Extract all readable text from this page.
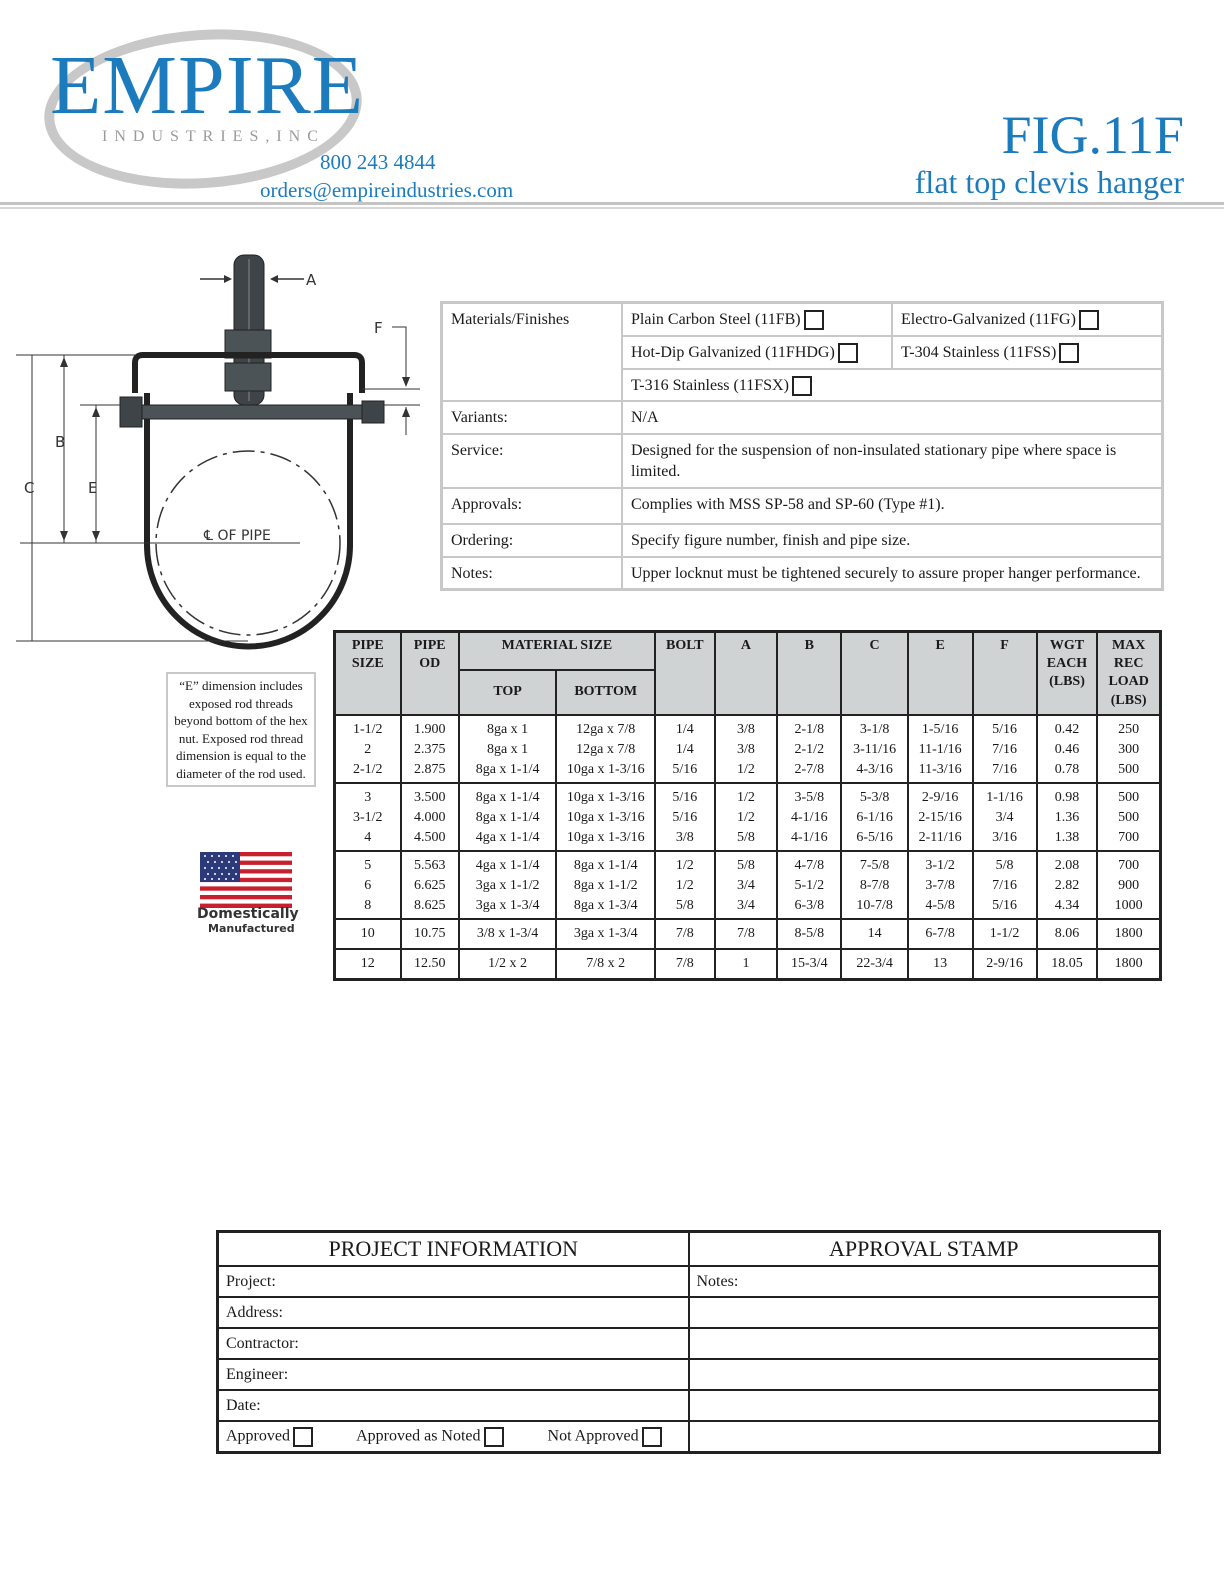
EMPIRE
INDUSTRIES,INC
800 243 4844
orders@empireindustries.com
FIG.11F
flat top clevis hanger
A
F
B
C	E
℄ OF PIPE
Materials/Finishes	Plain Carbon Steel (11FB)	Electro-Galvanized (11FG)
	Hot-Dip Galvanized (11FHDG)	T-304 Stainless (11FSS)
	T-316 Stainless (11FSX)	
Variants:	N/A	
Service:	Designed for the suspension of non-insulated stationary pipe where space is limited.	
Approvals:	Complies with MSS SP-58 and SP-60 (Type #1).	
Ordering:	Specify figure number, finish and pipe size.	
Notes:	Upper locknut must be tightened securely to assure proper hanger performance.	
“E” dimension includes exposed rod threads beyond bottom of the hex nut. Exposed rod thread dimension is equal to the diameter of the rod used.
Domestically
Manufactured
PIPE SIZE	PIPE OD	MATERIAL SIZE		BOLT	A	B	C	E	F	WGT EACH (LBS)	MAX REC LOAD (LBS)
		TOP	BOTTOM								
1-1/2	1.900	8ga x 1	12ga x 7/8	1/4	3/8	2-1/8	3-1/8	1-5/16	5/16	0.42	250
2	2.375	8ga x 1	12ga x 7/8	1/4	3/8	2-1/2	3-11/16	11-1/16	7/16	0.46	300
2-1/2	2.875	8ga x 1-1/4	10ga x 1-3/16	5/16	1/2	2-7/8	4-3/16	11-3/16	7/16	0.78	500
3	3.500	8ga x 1-1/4	10ga x 1-3/16	5/16	1/2	3-5/8	5-3/8	2-9/16	1-1/16	0.98	500
3-1/2	4.000	8ga x 1-1/4	10ga x 1-3/16	5/16	1/2	4-1/16	6-1/16	2-15/16	3/4	1.36	500
4	4.500	4ga x 1-1/4	10ga x 1-3/16	3/8	5/8	4-1/16	6-5/16	2-11/16	3/16	1.38	700
5	5.563	4ga x 1-1/4	8ga x 1-1/4	1/2	5/8	4-7/8	7-5/8	3-1/2	5/8	2.08	700
6	6.625	3ga x 1-1/2	8ga x 1-1/2	1/2	3/4	5-1/2	8-7/8	3-7/8	7/16	2.82	900
8	8.625	3ga x 1-3/4	8ga x 1-3/4	5/8	3/4	6-3/8	10-7/8	4-5/8	5/16	4.34	1000
10	10.75	3/8 x 1-3/4	3ga x 1-3/4	7/8	7/8	8-5/8	14	6-7/8	1-1/2	8.06	1800
12	12.50	1/2 x 2	7/8 x 2	7/8	1	15-3/4	22-3/4	13	2-9/16	18.05	1800
PROJECT INFORMATION	APPROVAL STAMP
Project:	Notes:
Address:	
Contractor:	
Engineer:	
Date:	
Approved Approved as Noted Not Approved	
